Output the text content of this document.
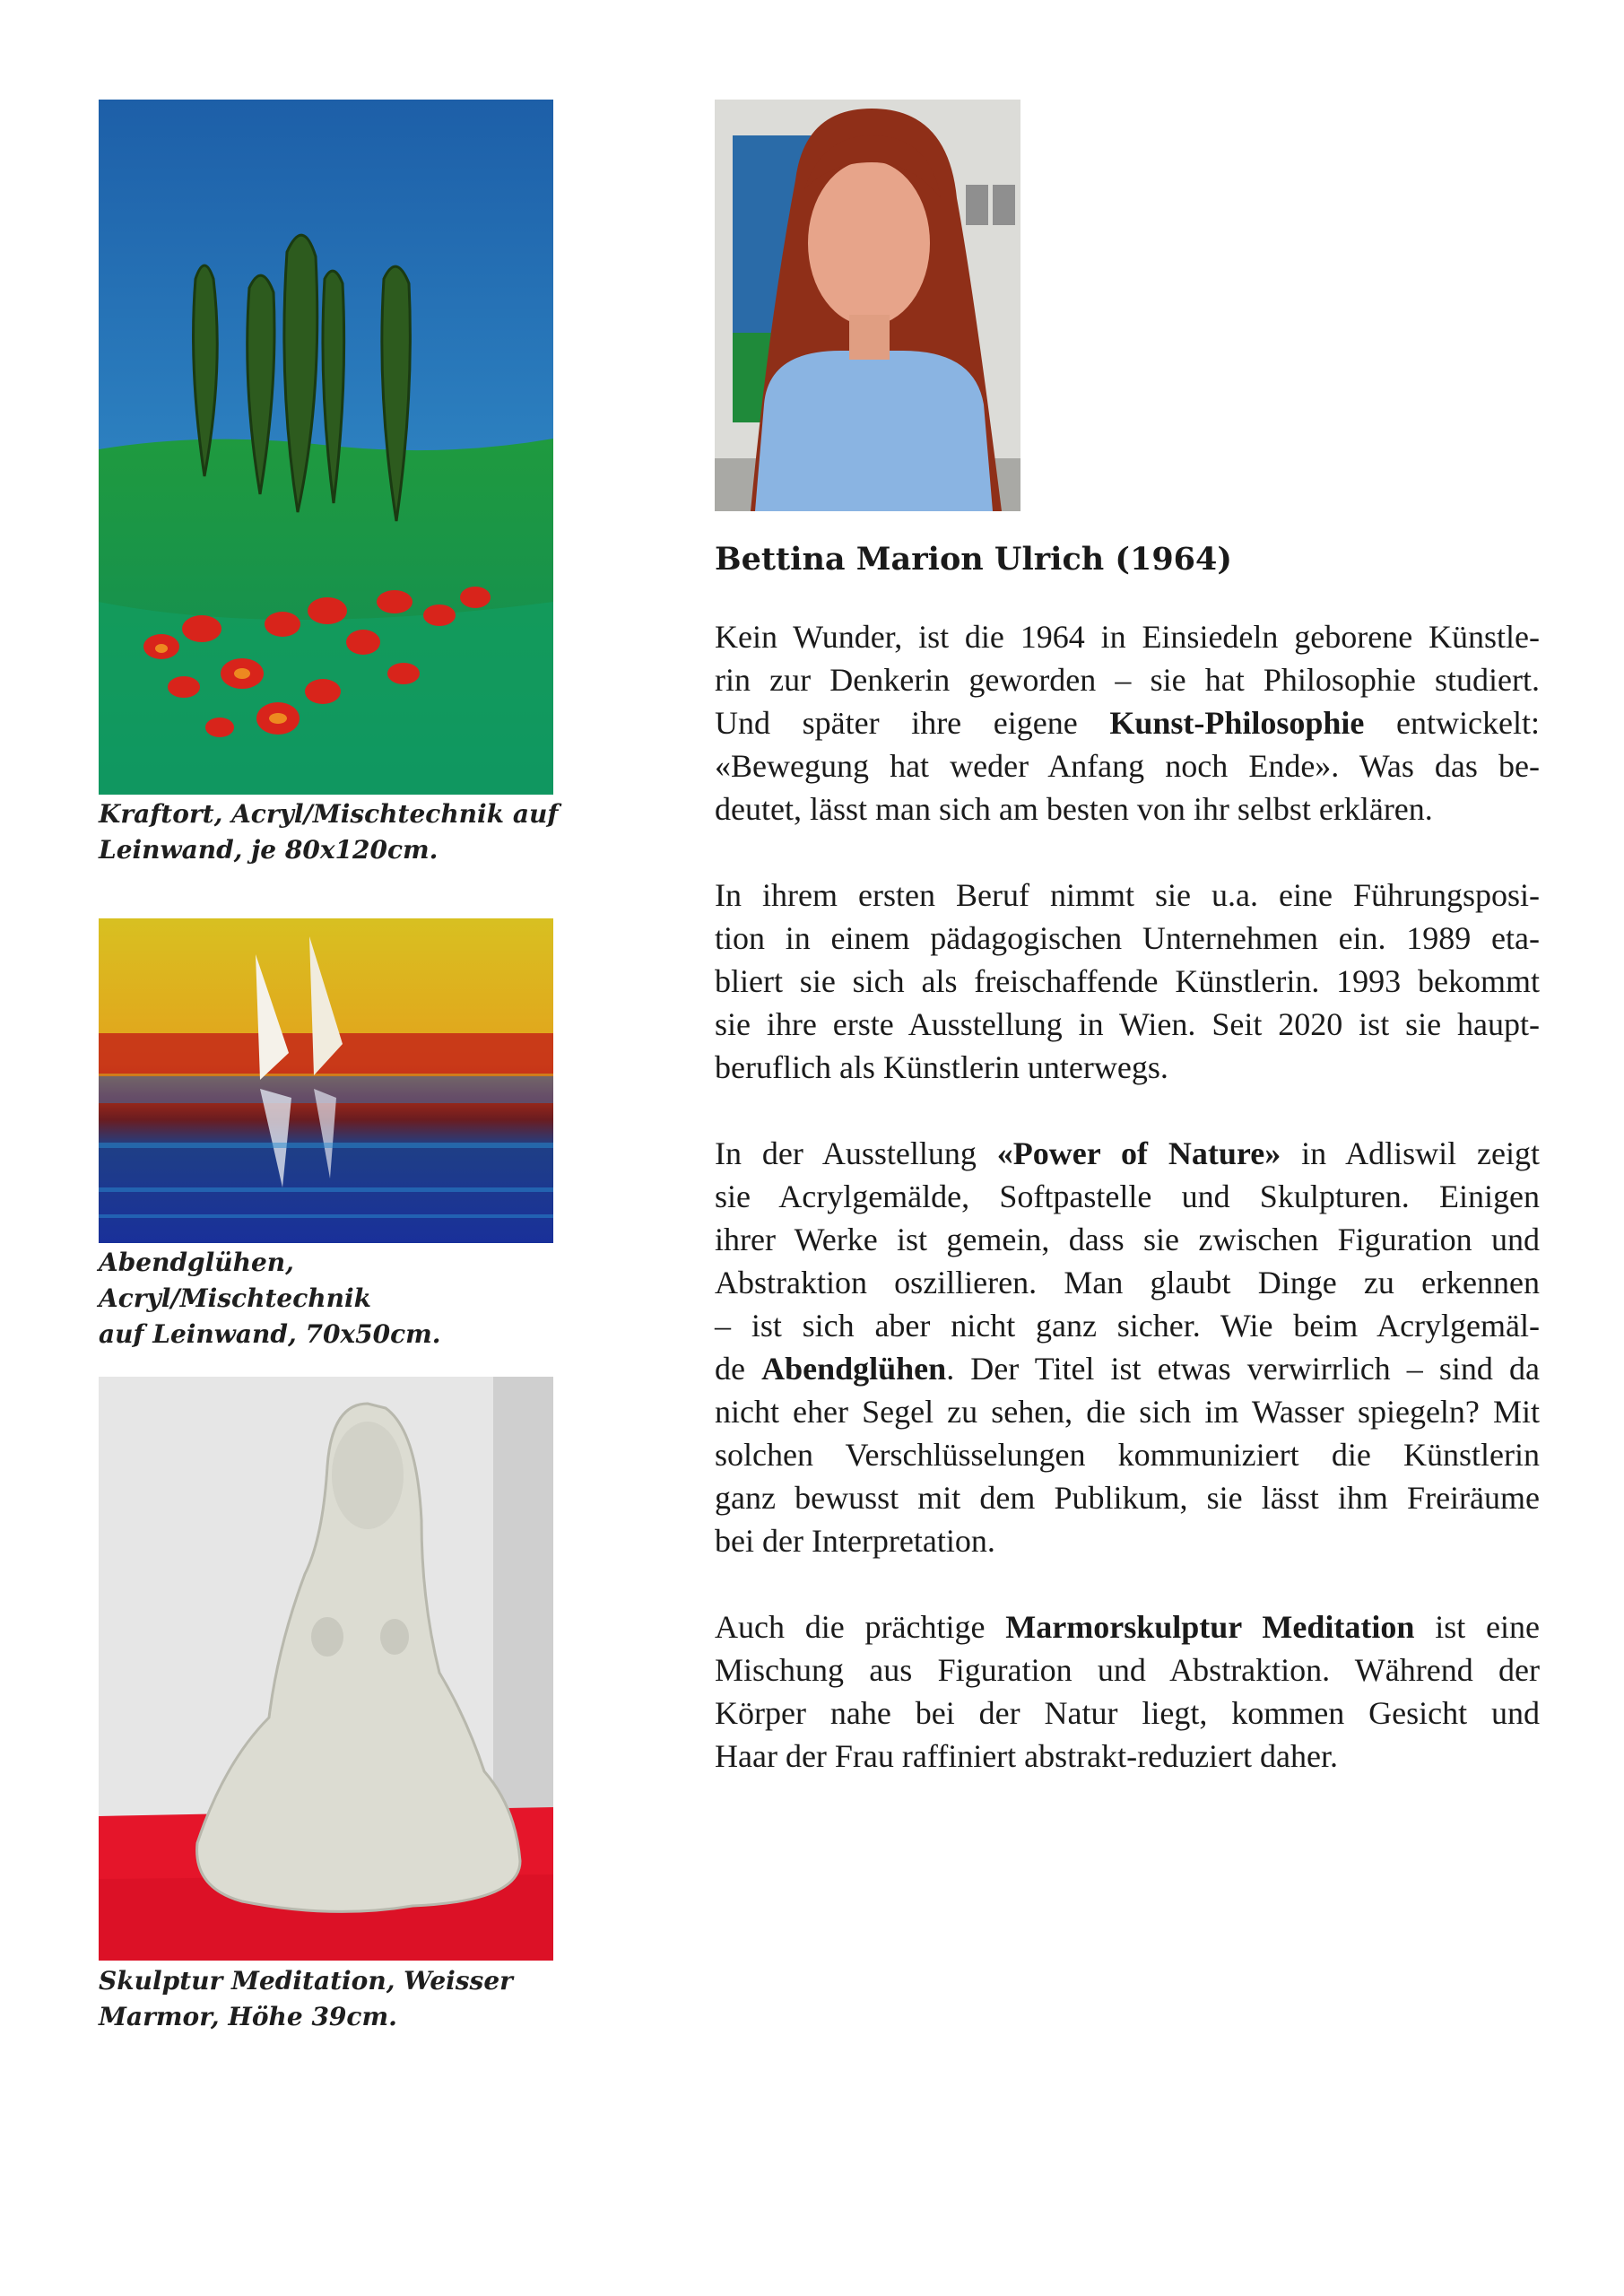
Kraftort, Acryl/Mischtechnik auf
Leinwand, je 80x120cm.
Abendglühen, Acryl/Mischtechnik
auf Leinwand, 70x50cm.
Skulptur Meditation, Weisser
Marmor, Höhe 39cm.
Bettina Marion Ulrich (1964)
Kein Wunder, ist die 1964 in Einsiedeln geborene Künstle-
rin zur Denkerin geworden – sie hat Philosophie studiert.
Und später ihre eigene Kunst-Philosophie entwickelt:
«Bewegung hat weder Anfang noch Ende». Was das be-
deutet, lässt man sich am besten von ihr selbst erklären.
In ihrem ersten Beruf nimmt sie u.a. eine Führungsposi-
tion in einem pädagogischen Unternehmen ein. 1989 eta-
bliert sie sich als freischaffende Künstlerin. 1993 bekommt
sie ihre erste Ausstellung in Wien. Seit 2020 ist sie haupt-
beruflich als Künstlerin unterwegs.
In der Ausstellung «Power of Nature» in Adliswil zeigt
sie Acrylgemälde, Softpastelle und Skulpturen. Einigen
ihrer Werke ist gemein, dass sie zwischen Figuration und
Abstraktion oszillieren. Man glaubt Dinge zu erkennen
– ist sich aber nicht ganz sicher. Wie beim Acrylgemäl-
de Abendglühen. Der Titel ist etwas verwirrlich – sind da
nicht eher Segel zu sehen, die sich im Wasser spiegeln? Mit
solchen Verschlüsselungen kommuniziert die Künstlerin
ganz bewusst mit dem Publikum, sie lässt ihm Freiräume
bei der Interpretation.
Auch die prächtige Marmorskulptur Meditation ist eine
Mischung aus Figuration und Abstraktion. Während der
Körper nahe bei der Natur liegt, kommen Gesicht und
Haar der Frau raffiniert abstrakt-reduziert daher.
